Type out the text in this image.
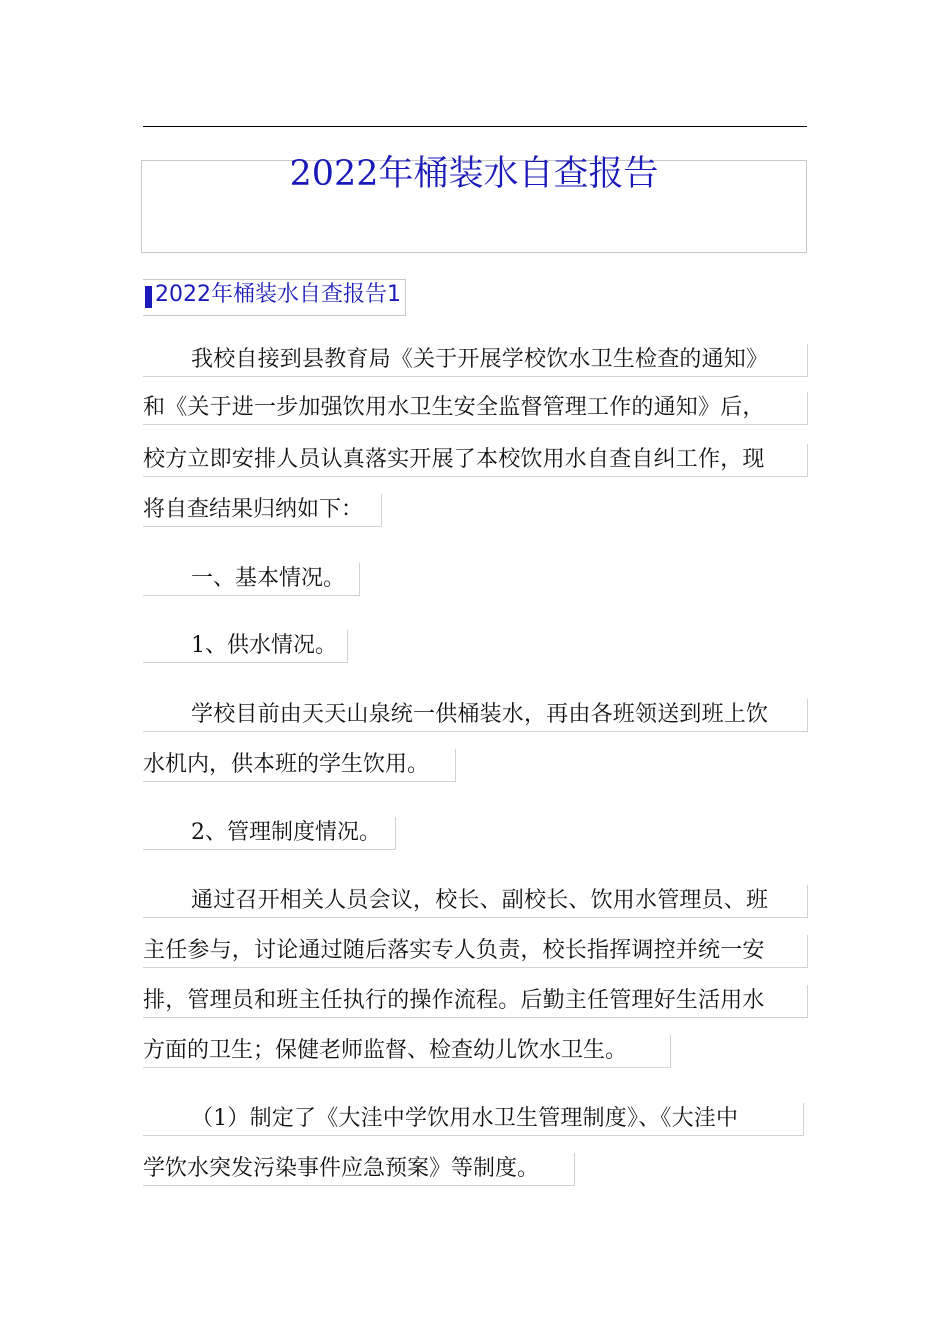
2022年桶装水自查报告
2022年桶装水自查报告1
我校自接到县教育局《关于开展学校饮水卫生检查的通知》
和《关于进一步加强饮用水卫生安全监督管理工作的通知》后，
校方立即安排人员认真落实开展了本校饮用水自查自纠工作，现
将自查结果归纳如下：
一、基本情况。
1、供水情况。
学校目前由天天山泉统一供桶装水，再由各班领送到班上饮
水机内，供本班的学生饮用。
2、管理制度情况。
通过召开相关人员会议，校长、副校长、饮用水管理员、班
主任参与，讨论通过随后落实专人负责，校长指挥调控并统一安
排，管理员和班主任执行的操作流程。后勤主任管理好生活用水
方面的卫生；保健老师监督、检查幼儿饮水卫生。
（1）制定了《大洼中学饮用水卫生管理制度》、《大洼中
学饮水突发污染事件应急预案》等制度。
